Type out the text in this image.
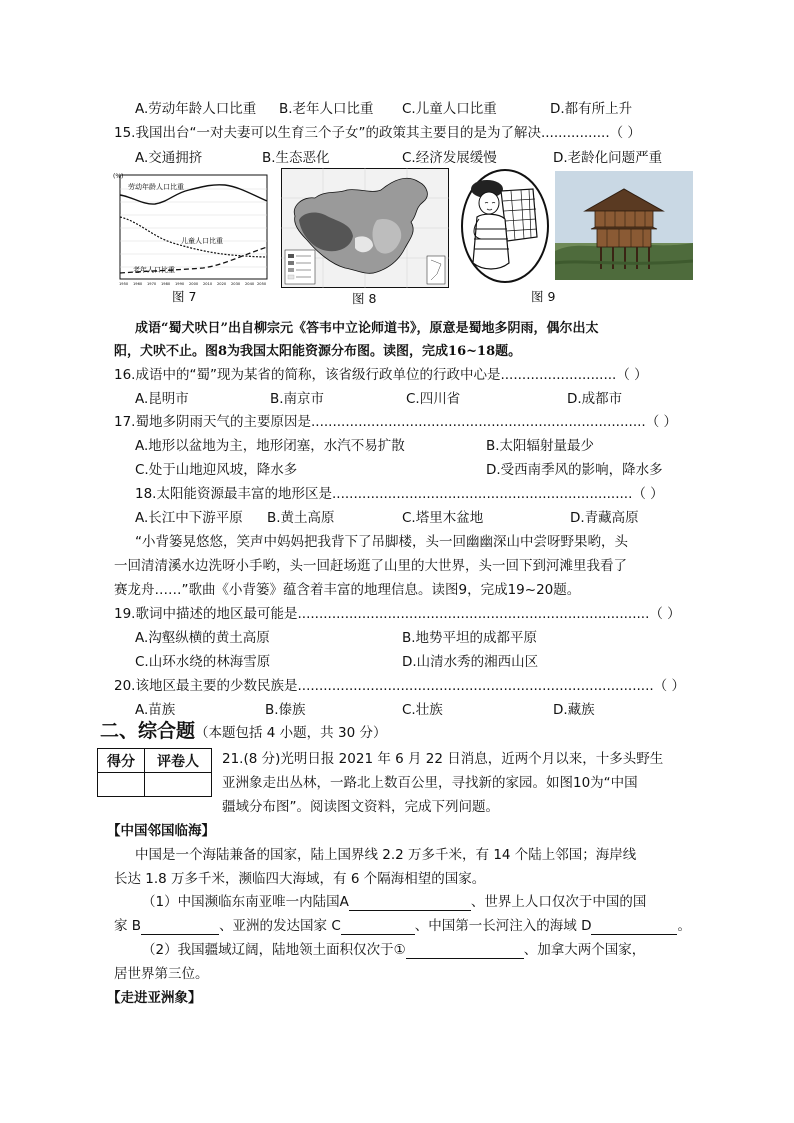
A.劳动年龄人口比重 B.老年人口比重 C.儿童人口比重	D.都有所上升
15.我国出台“一对夫妻可以生育三个子女”的政策其主要目的是为了解决................（ ）
A.交通拥挤	B.生态恶化	C.经济发展缓慢	D.老龄化问题严重
(%)
劳动年龄人口比重
儿童人口比重
老年人口比重
1950 1960 1970 1980 1990 2000 2010 2020 2030 2040 2050
图 7	图 8	图 9
成语“蜀犬吠日”出自柳宗元《答韦中立论师道书》，原意是蜀地多阴雨，偶尔出太
阳，犬吠不止。图8为我国太阳能资源分布图。读图，完成16~18题。
16.成语中的“蜀”现为某省的简称，该省级行政单位的行政中心是...........................（ ）
A.昆明市	B.南京市	C.四川省	D.成都市
17.蜀地多阴雨天气的主要原因是..............................................................................（ ）
A.地形以盆地为主，地形闭塞，水汽不易扩散	B.太阳辐射量最少
C.处于山地迎风坡，降水多	D.受西南季风的影响，降水多
18.太阳能资源最丰富的地形区是......................................................................（ ）
A.长江中下游平原 B.黄土高原	C.塔里木盆地	D.青藏高原
“小背篓晃悠悠，笑声中妈妈把我背下了吊脚楼，头一回幽幽深山中尝呀野果哟，头
一回清清溪水边洗呀小手哟，头一回赶场逛了山里的大世界，头一回下到河滩里我看了
赛龙舟……”歌曲《小背篓》蕴含着丰富的地理信息。读图9，完成19~20题。
19.歌词中描述的地区最可能是..................................................................................（ ）
A.沟壑纵横的黄土高原	B.地势平坦的成都平原
C.山环水绕的林海雪原	D.山清水秀的湘西山区
20.该地区最主要的少数民族是...................................................................................（ ）
A.苗族	B.傣族	C.壮族	D.藏族
二、综合题（本题包括 4 小题，共 30 分）
得分	评卷人
	21.(8 分)光明日报 2021 年 6 月 22 日消息，近两个月以来，十多头野生
亚洲象走出丛林，一路北上数百公里，寻找新的家园。如图10为“中国
疆域分布图”。阅读图文资料，完成下列问题。
【中国邻国临海】
中国是一个海陆兼备的国家，陆上国界线 2.2 万多千米，有 14 个陆上邻国；海岸线
长达 1.8 万多千米，濒临四大海域，有 6 个隔海相望的国家。
（1）中国濒临东南亚唯一内陆国A	、世界上人口仅次于中国的国
家 B	、亚洲的发达国家 C	、中国第一长河注入的海域 D	。
（2）我国疆域辽阔，陆地领土面积仅次于①	、加拿大两个国家，
居世界第三位。
【走进亚洲象】
